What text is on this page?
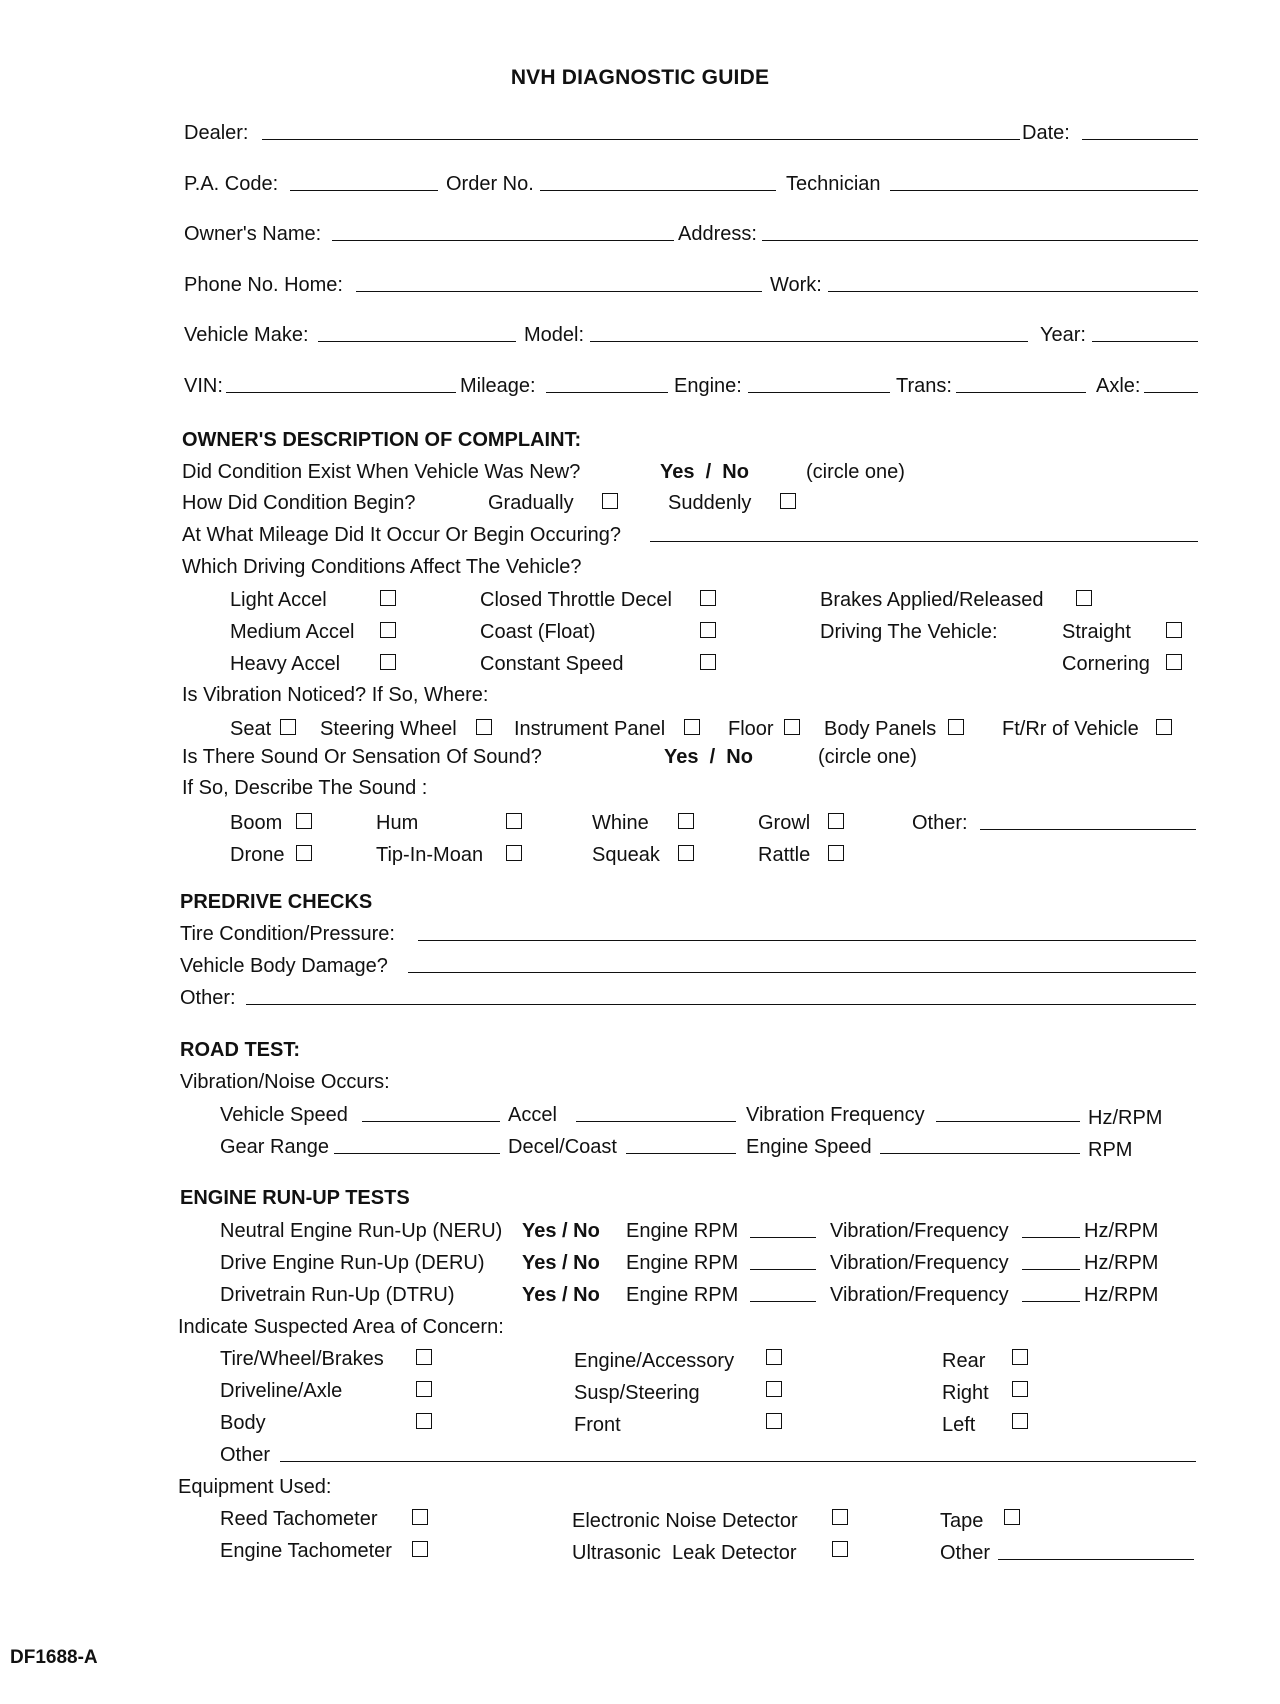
NVH DIAGNOSTIC GUIDE
Dealer:	Date:
P.A. Code:	Order No.	Technician
Owner's Name:	Address:
Phone No. Home:	Work:
Vehicle Make:	Model:	Year:
VIN:	Mileage:	Engine:	Trans:	Axle:
OWNER'S DESCRIPTION OF COMPLAINT:
Did Condition Exist When Vehicle Was New?	Yes  /  No	(circle one)
How Did Condition Begin?	Gradually	Suddenly
At What Mileage Did It Occur Or Begin Occuring?
Which Driving Conditions Affect The Vehicle?
Light Accel	Closed Throttle Decel	Brakes Applied/Released
Medium Accel	Coast (Float)	Driving The Vehicle:	Straight
Heavy Accel	Constant Speed	Cornering
Is Vibration Noticed? If So, Where:
Seat Steering Wheel	Instrument Panel	Floor	Body Panels	Ft/Rr of Vehicle
Is There Sound Or Sensation Of Sound?	Yes  /  No	(circle one)
If So, Describe The Sound :
Boom	Hum	Whine	Growl	Other:
Drone	Tip-In-Moan	Squeak	Rattle
PREDRIVE CHECKS
Tire Condition/Pressure:
Vehicle Body Damage?
Other:
ROAD TEST:
Vibration/Noise Occurs:
Vehicle Speed	Accel	Vibration Frequency	Hz/RPM
Gear Range	Decel/Coast	Engine Speed	RPM
ENGINE RUN-UP TESTS
Neutral Engine Run-Up (NERU) Yes / No Engine RPM	Vibration/Frequency	Hz/RPM
Drive Engine Run-Up (DERU) Yes / No Engine RPM	Vibration/Frequency	Hz/RPM
Drivetrain Run-Up (DTRU)	Yes / No Engine RPM	Vibration/Frequency	Hz/RPM
Indicate Suspected Area of Concern:
Tire/Wheel/Brakes	Engine/Accessory	Rear
Driveline/Axle	Susp/Steering	Right
Body	Front	Left
Other
Equipment Used:
Reed Tachometer	Electronic Noise Detector	Tape
Engine Tachometer	Ultrasonic  Leak Detector	Other
DF1688-A
